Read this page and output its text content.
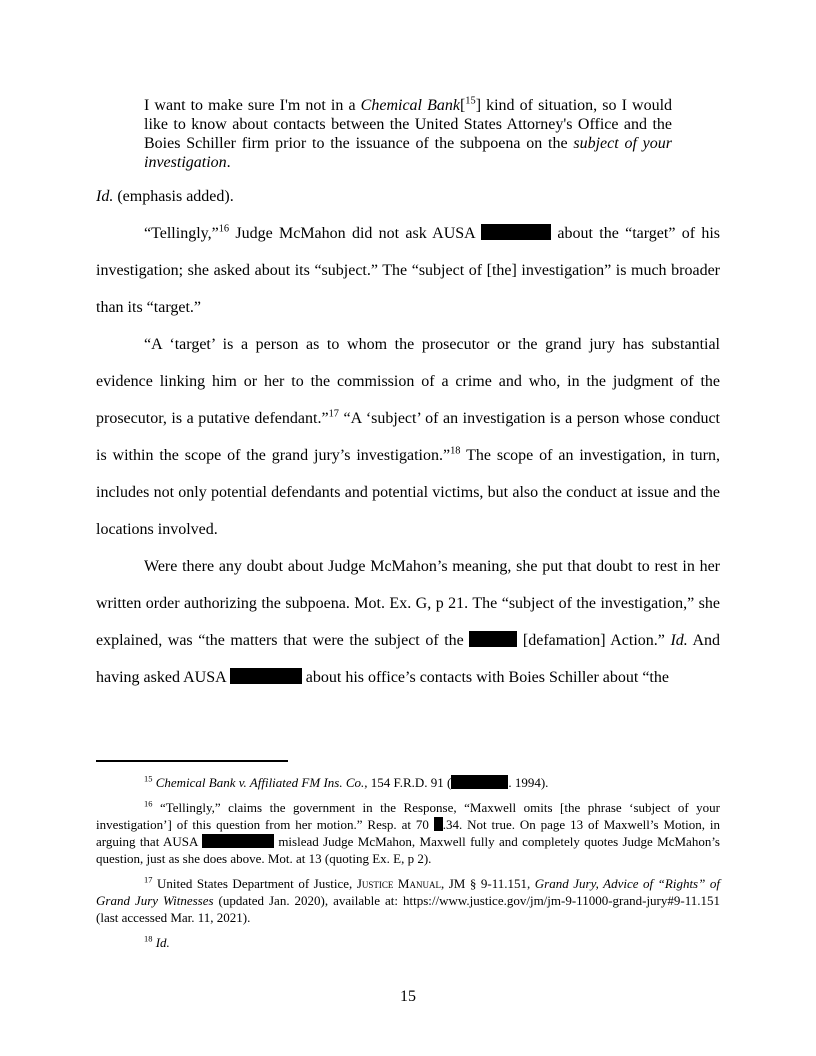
I want to make sure I'm not in a Chemical Bank[$^{15}$] kind of situation, so I would like to know about contacts between the United States Attorney's Office and the Boies Schiller firm prior to the issuance of the subpoena on the subject of your investigation.

Id. (emphasis added).

“Tellingly,”$^{16}$ Judge McMahon did not ask AUSA	about the “target” of his investigation; she asked about its “subject.” The “subject of [the] investigation” is much broader than its “target.”

“A ‘target’ is a person as to whom the prosecutor or the grand jury has substantial evidence linking him or her to the commission of a crime and who, in the judgment of the prosecutor, is a putative defendant.”$^{17}$ “A ‘subject’ of an investigation is a person whose conduct is within the scope of the grand jury’s investigation.”$^{18}$ The scope of an investigation, in turn, includes not only potential defendants and potential victims, but also the conduct at issue and the locations involved.

Were there any doubt about Judge McMahon’s meaning, she put that doubt to rest in her written order authorizing the subpoena. Mot. Ex. G, p 21. The “subject of the investigation,” she explained, was “the matters that were the subject of the	[defamation] Action.” Id. And having asked AUSA	about his office’s contacts with Boies Schiller about “the

$^{15}$ Chemical Bank v. Affiliated FM Ins. Co., 154 F.R.D. 91 (	. 1994).
$^{16}$ “Tellingly,” claims the government in the Response, “Maxwell omits [the phrase ‘subject of your investigation’] of this question from her motion.” Resp. at 70 .34. Not true. On page 13 of Maxwell’s Motion, in arguing that AUSA	mislead Judge McMahon, Maxwell fully and completely quotes Judge McMahon’s question, just as she does above. Mot. at 13 (quoting Ex. E, p 2).
$^{17}$ United States Department of Justice, Justice Manual, JM § 9-11.151, Grand Jury, Advice of “Rights” of Grand Jury Witnesses (updated Jan. 2020), available at: https://www.justice.gov/jm/jm-9-11000-grand-jury#9-11.151 (last accessed Mar. 11, 2021).
$^{18}$ Id.
15
